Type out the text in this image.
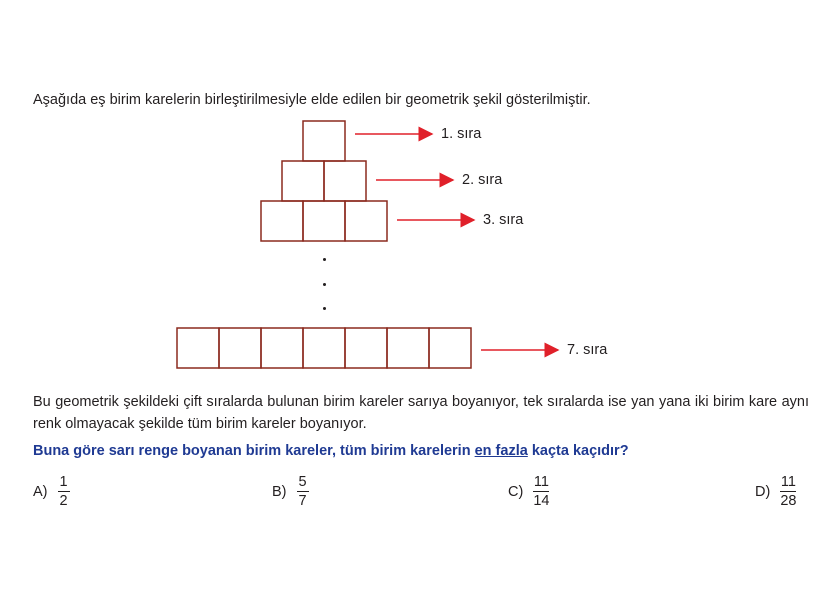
Aşağıda eş birim karelerin birleştirilmesiyle elde edilen bir geometrik şekil gösterilmiştir.
1. sıra
2. sıra
3. sıra
7. sıra
Bu geometrik şekildeki çift sıralarda bulunan birim kareler sarıya boyanıyor, tek sıralarda ise yan yana iki birim kare aynı renk olmayacak şekilde tüm birim kareler boyanıyor.
Buna göre sarı renge boyanan birim kareler, tüm birim karelerin en fazla kaçta kaçıdır?
$A) \frac{1}{2}$	$B) \frac{5}{7}$	$C) \frac{11}{14}$	$D) \frac{11}{28}$
